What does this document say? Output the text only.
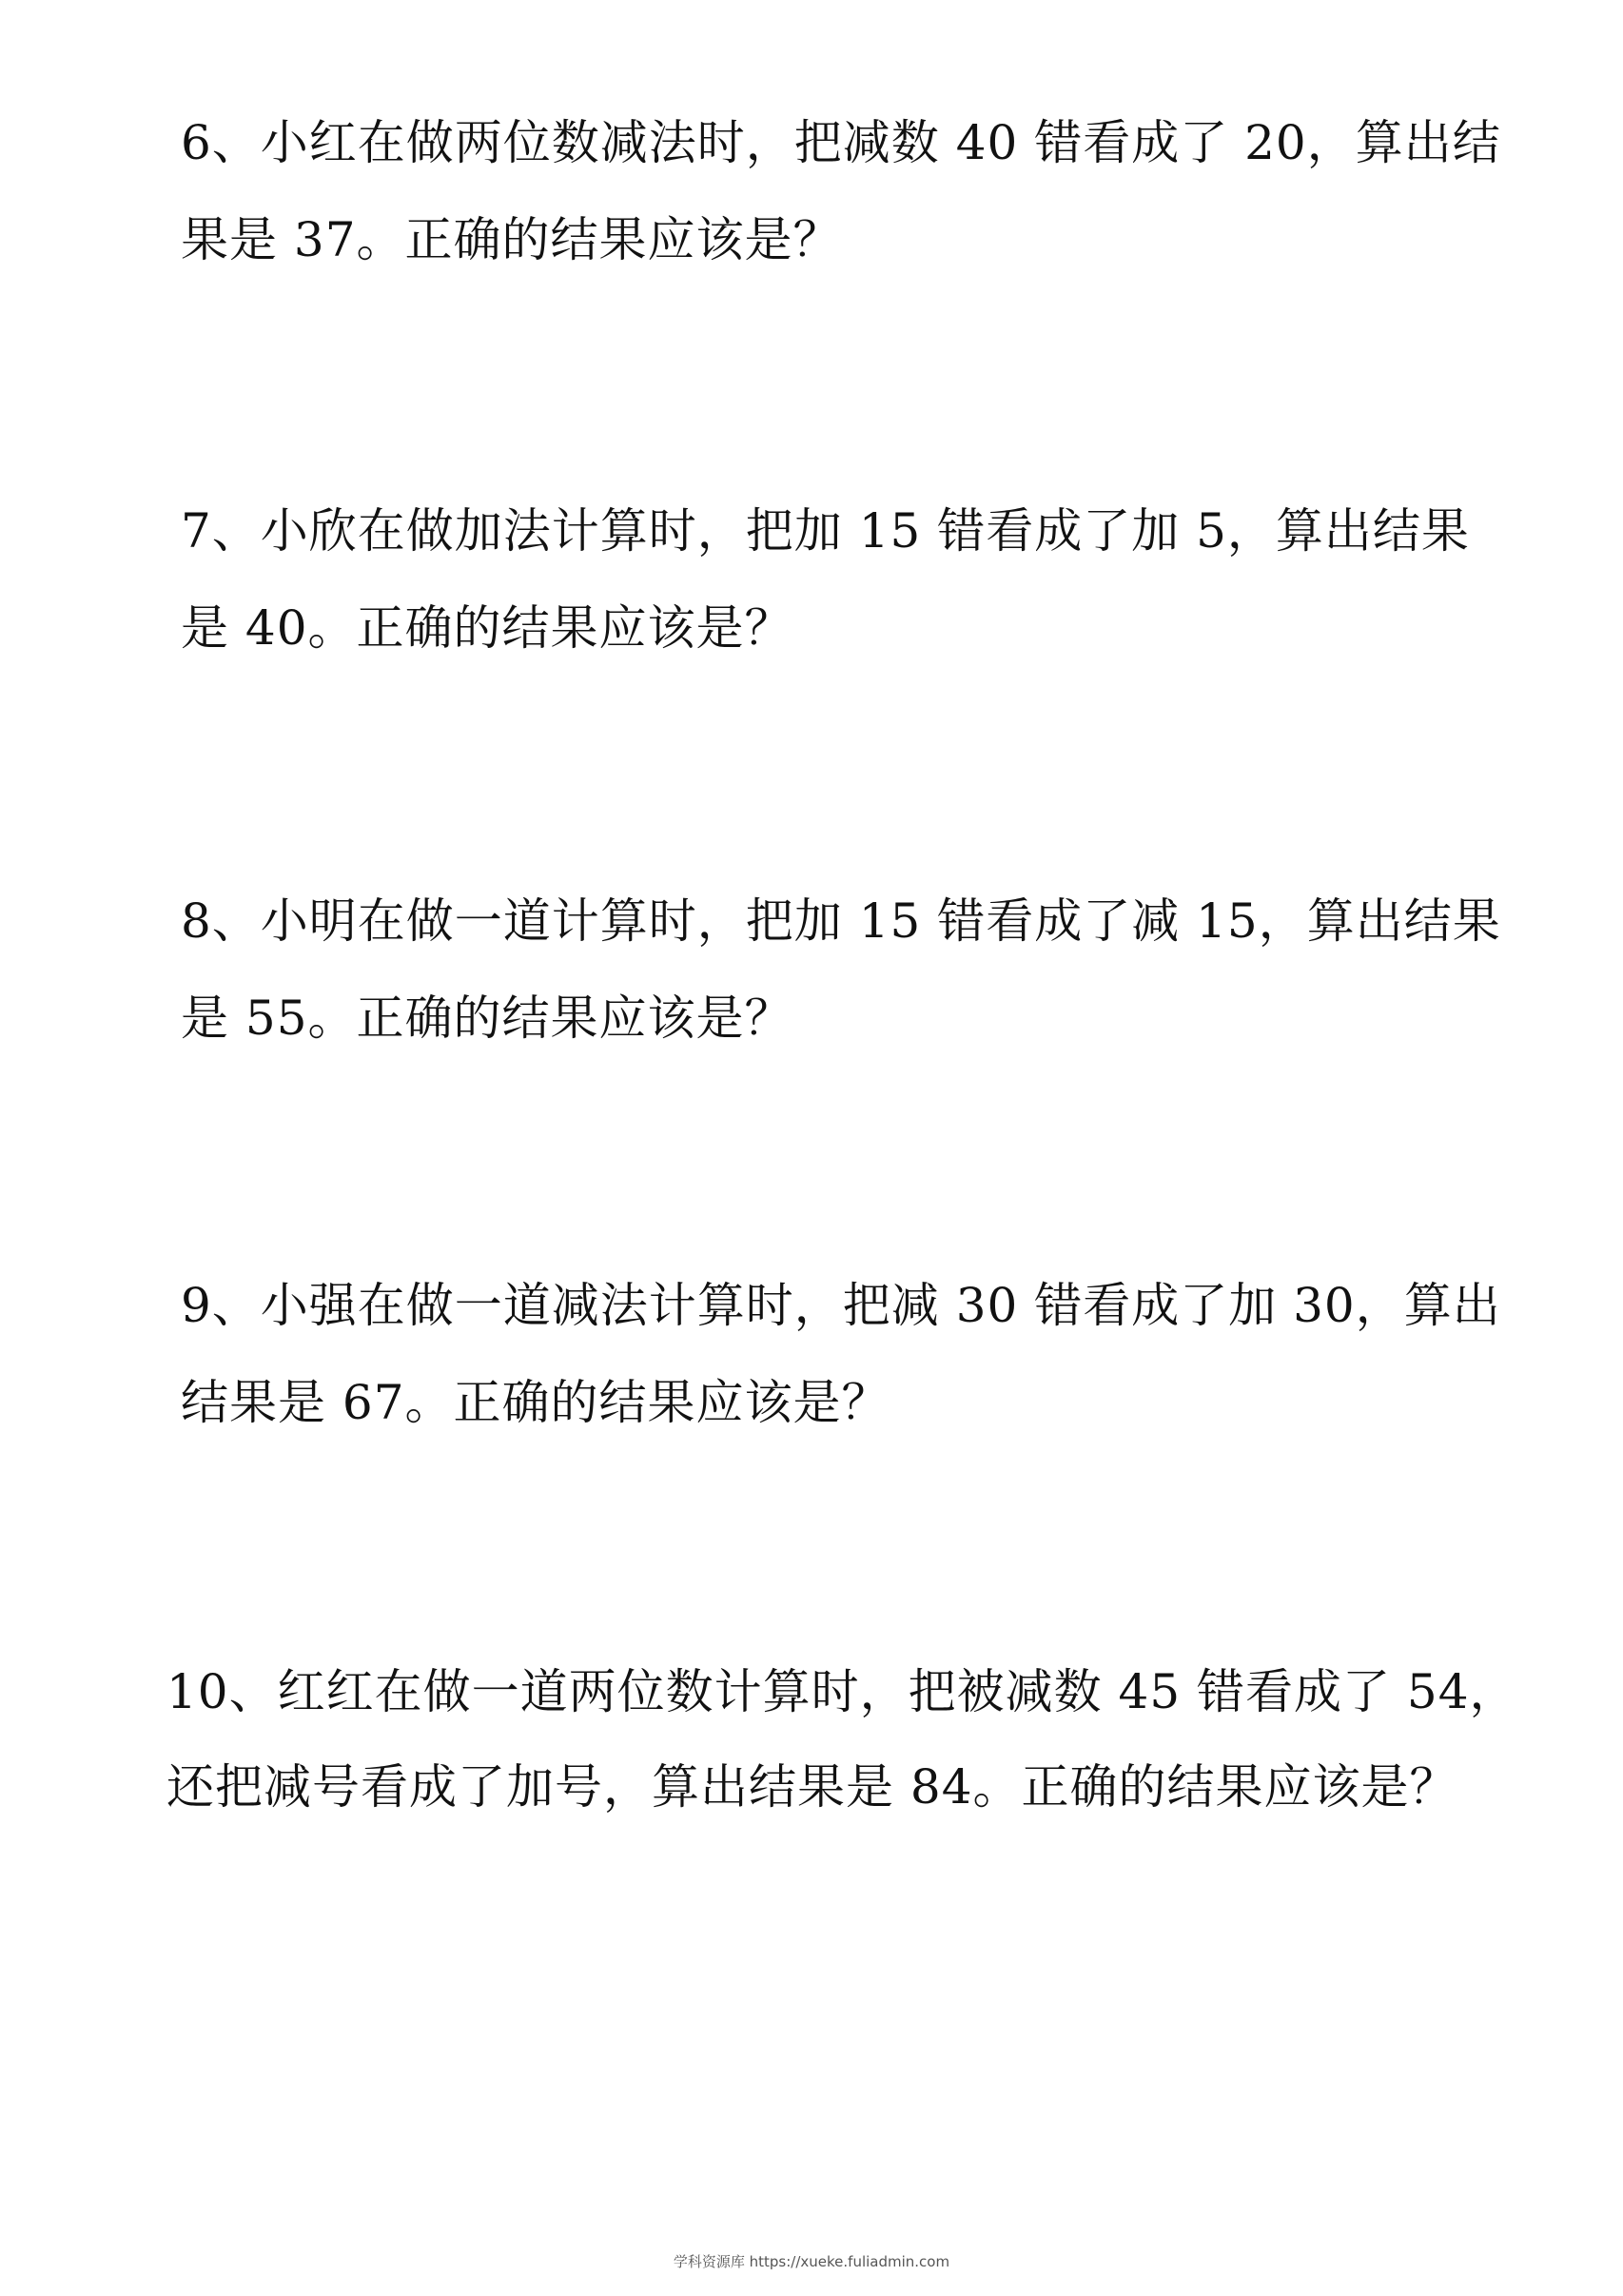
6、小红在做两位数减法时，把减数 40 错看成了 20，算出结
果是 37。正确的结果应该是？
7、小欣在做加法计算时，把加 15 错看成了加 5，算出结果
是 40。正确的结果应该是？
8、小明在做一道计算时，把加 15 错看成了减 15，算出结果
是 55。正确的结果应该是？
9、小强在做一道减法计算时，把减 30 错看成了加 30，算出
结果是 67。正确的结果应该是？
10、红红在做一道两位数计算时，把被减数 45 错看成了 54，
还把减号看成了加号，算出结果是 84。正确的结果应该是？
学科资源库 https://xueke.fuliadmin.com
